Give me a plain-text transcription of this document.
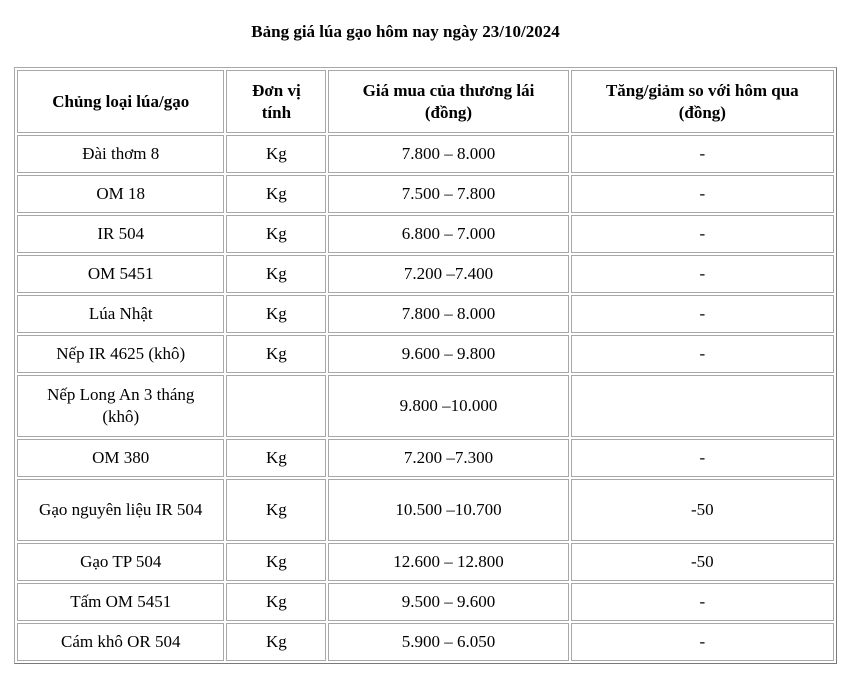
Bảng giá lúa gạo hôm nay ngày 23/10/2024
Chủng loại lúa/gạo	Đơn vị tính	Giá mua của thương lái (đồng)	Tăng/giảm so với hôm qua (đồng)
Đài thơm 8	Kg	7.800 – 8.000	-
OM 18	Kg	7.500 – 7.800	-
IR 504	Kg	6.800 – 7.000	-
OM 5451	Kg	7.200 –7.400	-
Lúa Nhật	Kg	7.800 – 8.000	-
Nếp IR 4625 (khô)	Kg	9.600 – 9.800	-
Nếp Long An 3 tháng (khô)		9.800 –10.000	
OM 380	Kg	7.200 –7.300	-
Gạo nguyên liệu IR 504	Kg	10.500 –10.700	-50
Gạo TP 504	Kg	12.600 – 12.800	-50
Tấm OM 5451	Kg	9.500 – 9.600	-
Cám khô OR 504	Kg	5.900 – 6.050	-
